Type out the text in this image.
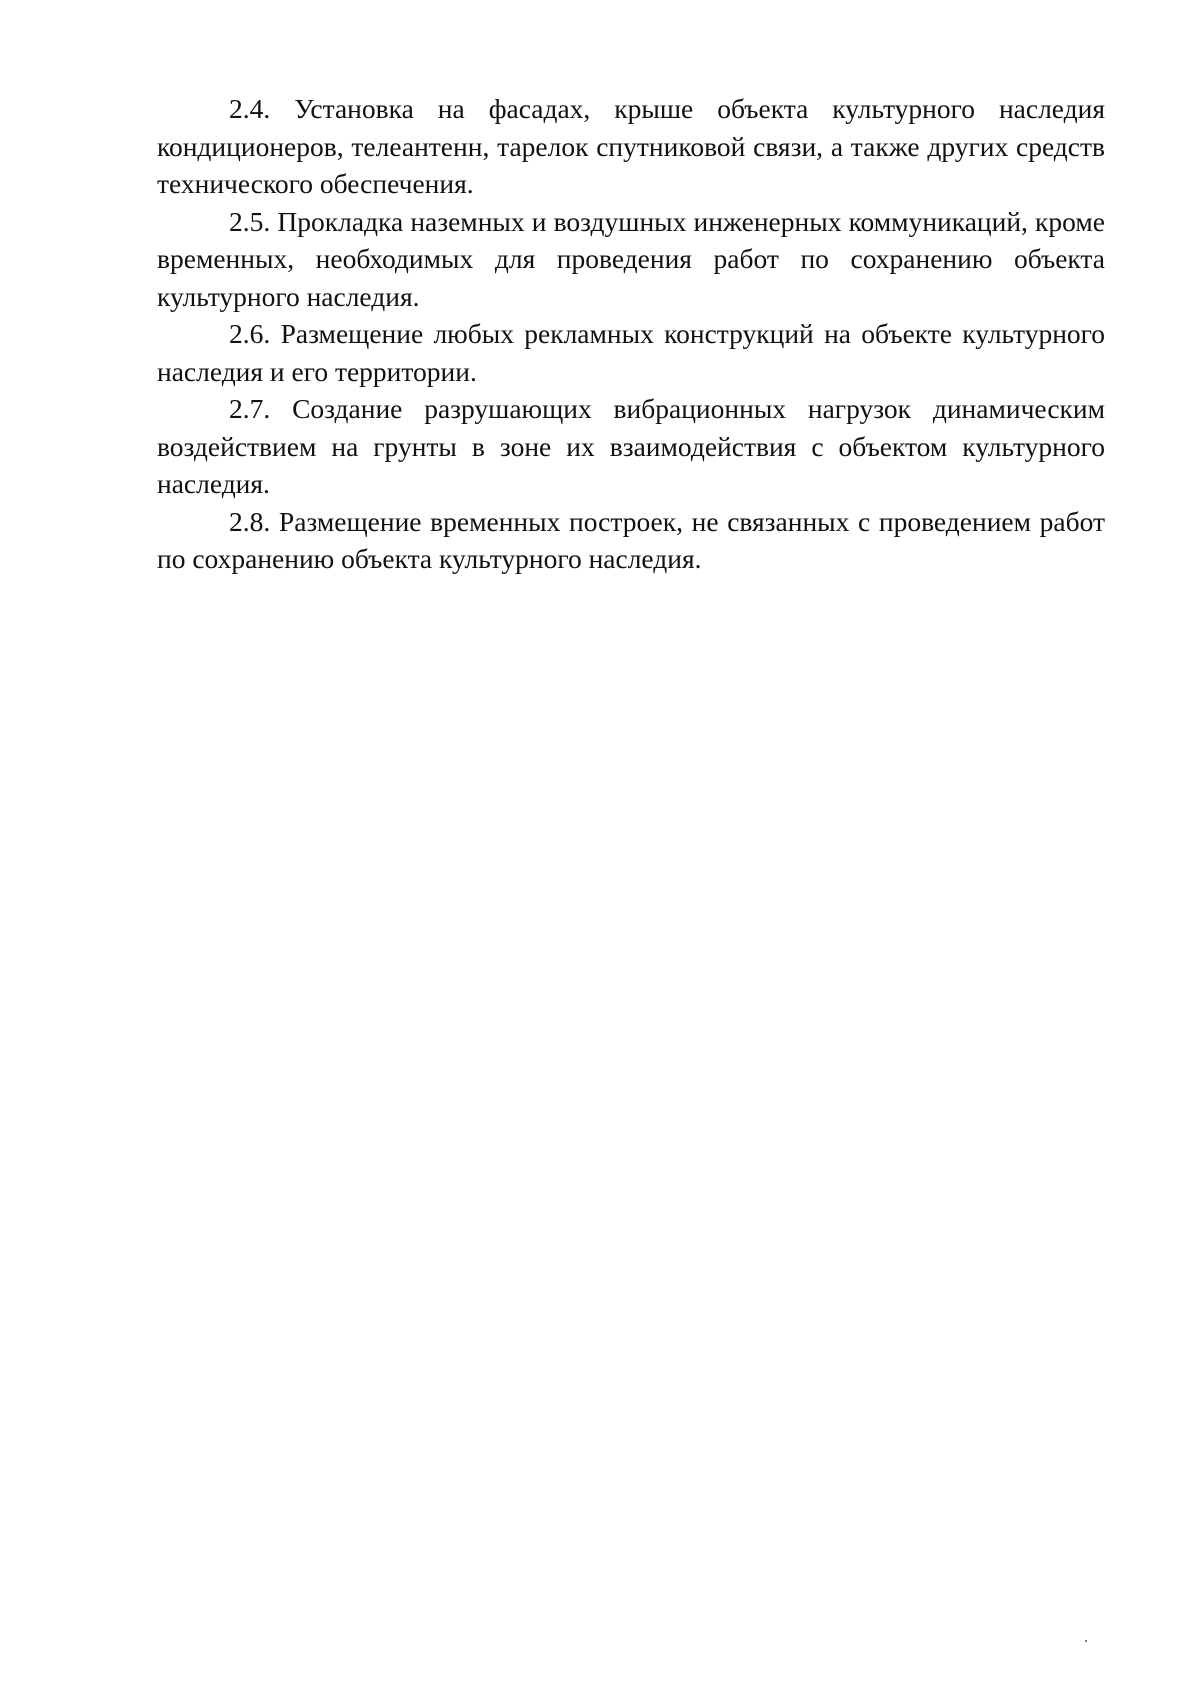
2.4. Установка на фасадах, крыше объекта культурного наследия кондиционеров, телеантенн, тарелок спутниковой связи, а также других средств технического обеспечения.

2.5. Прокладка наземных и воздушных инженерных коммуникаций, кроме временных, необходимых для проведения работ по сохранению объекта культурного наследия.

2.6. Размещение любых рекламных конструкций на объекте культурного наследия и его территории.

2.7. Создание разрушающих вибрационных нагрузок динамическим воздействием на грунты в зоне их взаимодействия с объектом культурного наследия.

2.8. Размещение временных построек, не связанных с проведением работ по сохранению объекта культурного наследия.
